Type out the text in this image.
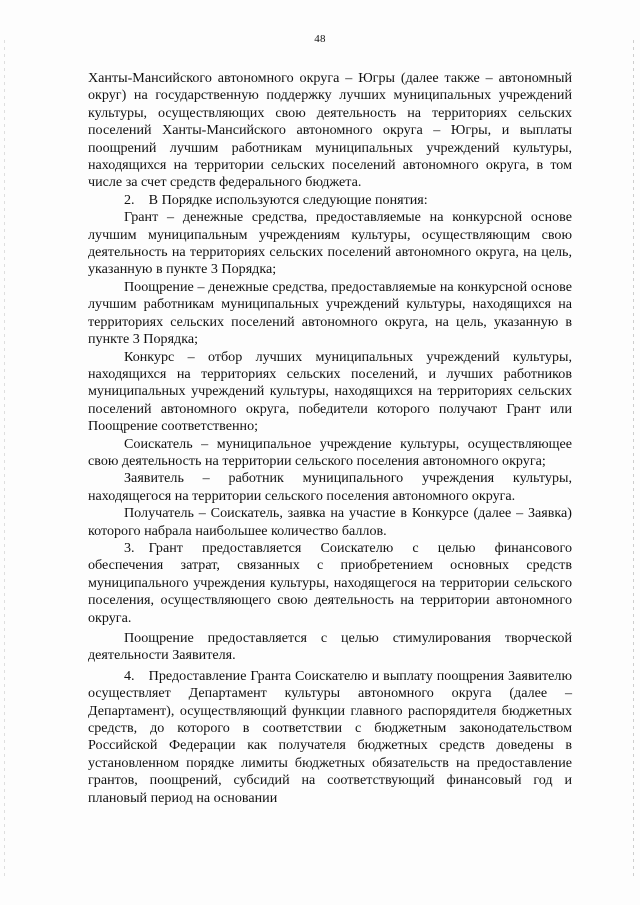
48

Ханты-Мансийского автономного округа – Югры (далее также – автономный округ) на государственную поддержку лучших муниципальных учреждений культуры, осуществляющих свою деятельность на территориях сельских поселений Ханты-Мансийского автономного округа – Югры, и выплаты поощрений лучшим работникам муниципальных учреждений культуры, находящихся на территории сельских поселений автономного округа, в том числе за счет средств федерального бюджета.

2. В Порядке используются следующие понятия:

Грант – денежные средства, предоставляемые на конкурсной основе лучшим муниципальным учреждениям культуры, осуществляющим свою деятельность на территориях сельских поселений автономного округа, на цель, указанную в пункте 3 Порядка;

Поощрение – денежные средства, предоставляемые на конкурсной основе лучшим работникам муниципальных учреждений культуры, находящихся на территориях сельских поселений автономного округа, на цель, указанную в пункте 3 Порядка;

Конкурс – отбор лучших муниципальных учреждений культуры, находящихся на территориях сельских поселений, и лучших работников муниципальных учреждений культуры, находящихся на территориях сельских поселений автономного округа, победители которого получают Грант или Поощрение соответственно;

Соискатель – муниципальное учреждение культуры, осуществляющее свою деятельность на территории сельского поселения автономного округа;

Заявитель – работник муниципального учреждения культуры, находящегося на территории сельского поселения автономного округа.

Получатель – Соискатель, заявка на участие в Конкурсе (далее – Заявка) которого набрала наибольшее количество баллов.

3. Грант предоставляется Соискателю с целью финансового обеспечения затрат, связанных с приобретением основных средств муниципального учреждения культуры, находящегося на территории сельского поселения, осуществляющего свою деятельность на территории автономного округа.

Поощрение предоставляется с целью стимулирования творческой деятельности Заявителя.

4. Предоставление Гранта Соискателю и выплату поощрения Заявителю осуществляет Департамент культуры автономного округа (далее – Департамент), осуществляющий функции главного распорядителя бюджетных средств, до которого в соответствии с бюджетным законодательством Российской Федерации как получателя бюджетных средств доведены в установленном порядке лимиты бюджетных обязательств на предоставление грантов, поощрений, субсидий на соответствующий финансовый год и плановый период на основании
